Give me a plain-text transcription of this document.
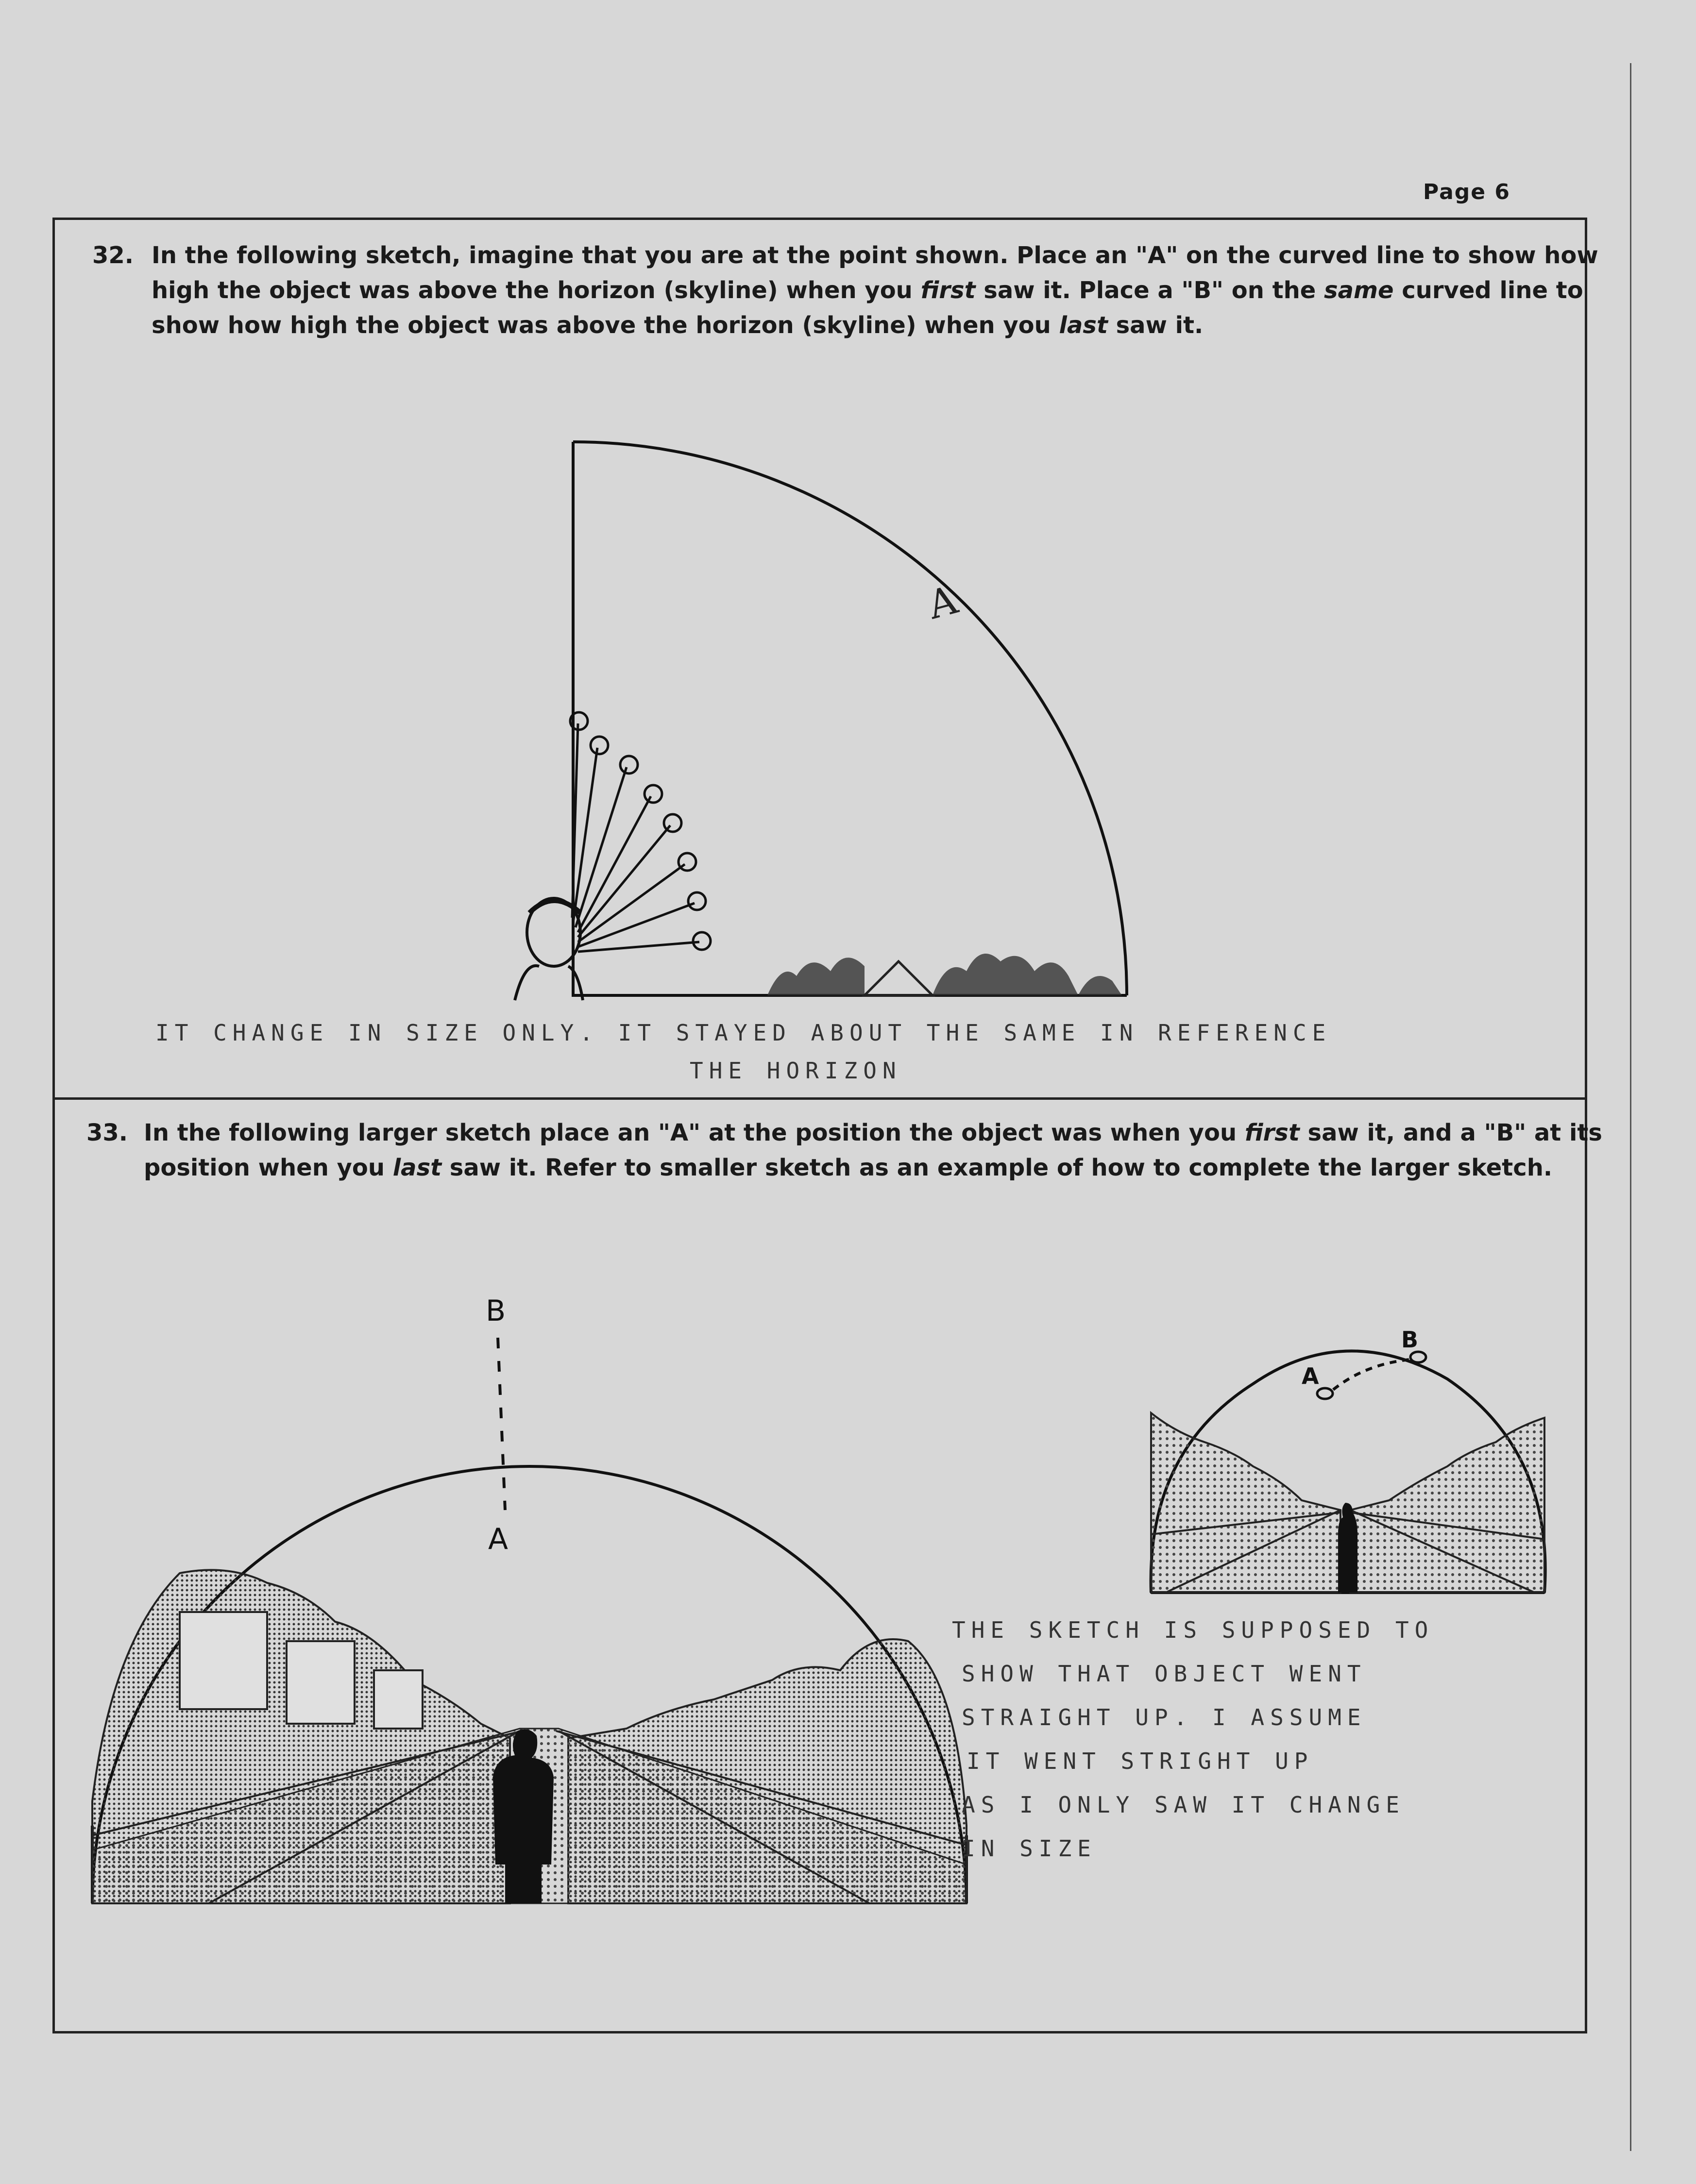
Page 6
32. In the following sketch, imagine that you are at the point shown. Place an "A" on the curved line to show how
high the object was above the horizon (skyline) when you first saw it. Place a "B" on the same curved line to
show how high the object was above the horizon (skyline) when you last saw it.
A
IT CHANGE IN SIZE ONLY. IT STAYED ABOUT THE SAME IN REFERENCE
THE HORIZON
33. In the following larger sketch place an "A" at the position the object was when you first saw it, and a "B" at its
position when you last saw it. Refer to smaller sketch as an example of how to complete the larger sketch.
A
B
A
B
THE SKETCH IS SUPPOSED TO
SHOW THAT OBJECT WENT
STRAIGHT UP. I ASSUME
IT WENT STRIGHT UP
AS I ONLY SAW IT CHANGE
IN SIZE
